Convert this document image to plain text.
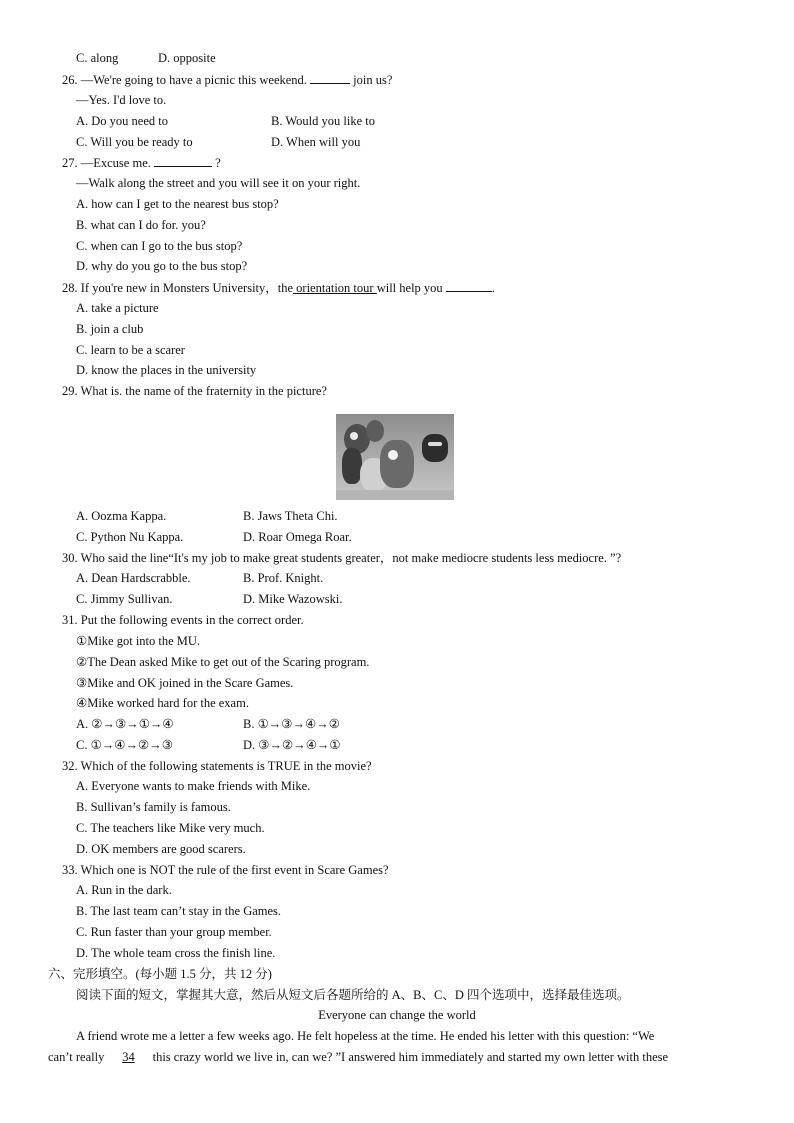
C. along	D. opposite
26. —We're going to have a picnic this weekend.	join us?
—Yes. I'd love to.
A. Do you need to	B. Would you like to
C. Will you be ready to	D. When will you
27. —Excuse me.	?
—Walk along the street and you will see it on your right.
A. how can I get to the nearest bus stop?
B. what can I do for. you?
C. when can I go to the bus stop?
D. why do you go to the bus stop?
28. If you're new in Monsters University，the orientation tour will help you	.
A. take a picture
B. join a club
C. learn to be a scarer
D. know the places in the university
29. What is. the name of the fraternity in the picture?
A. Oozma Kappa.	B. Jaws Theta Chi.
C. Python Nu Kappa.	D. Roar Omega Roar.
30. Who said the line“It's my job to make great students greater，not make mediocre students less mediocre. ”?
A. Dean Hardscrabble.	B. Prof. Knight.
C. Jimmy Sullivan.	D. Mike Wazowski.
31. Put the following events in the correct order.
①Mike got into the MU.
②The Dean asked Mike to get out of the Scaring program.
③Mike and OK joined in the Scare Games.
④Mike worked hard for the exam.
A. ②→③→①→④	B. ①→③→④→②
C. ①→④→②→③	D. ③→②→④→①
32. Which of the following statements is TRUE in the movie?
A. Everyone wants to make friends with Mike.
B. Sullivan’s family is famous.
C. The teachers like Mike very much.
D. OK members are good scarers.
33. Which one is NOT the rule of the first event in Scare Games?
A. Run in the dark.
B. The last team can’t stay in the Games.
C. Run faster than your group member.
D. The whole team cross the finish line.
六、完形填空。(每小题 1.5 分，共 12 分)
阅读下面的短文，掌握其大意，然后从短文后各题所给的 A、B、C、D 四个选项中，选择最佳选项。
Everyone can change the world
A friend wrote me a letter a few weeks ago. He felt hopeless at the time. He ended his letter with this question: “We
can’t really 34 this crazy world we live in, can we? ”I answered him immediately and started my own letter with these
